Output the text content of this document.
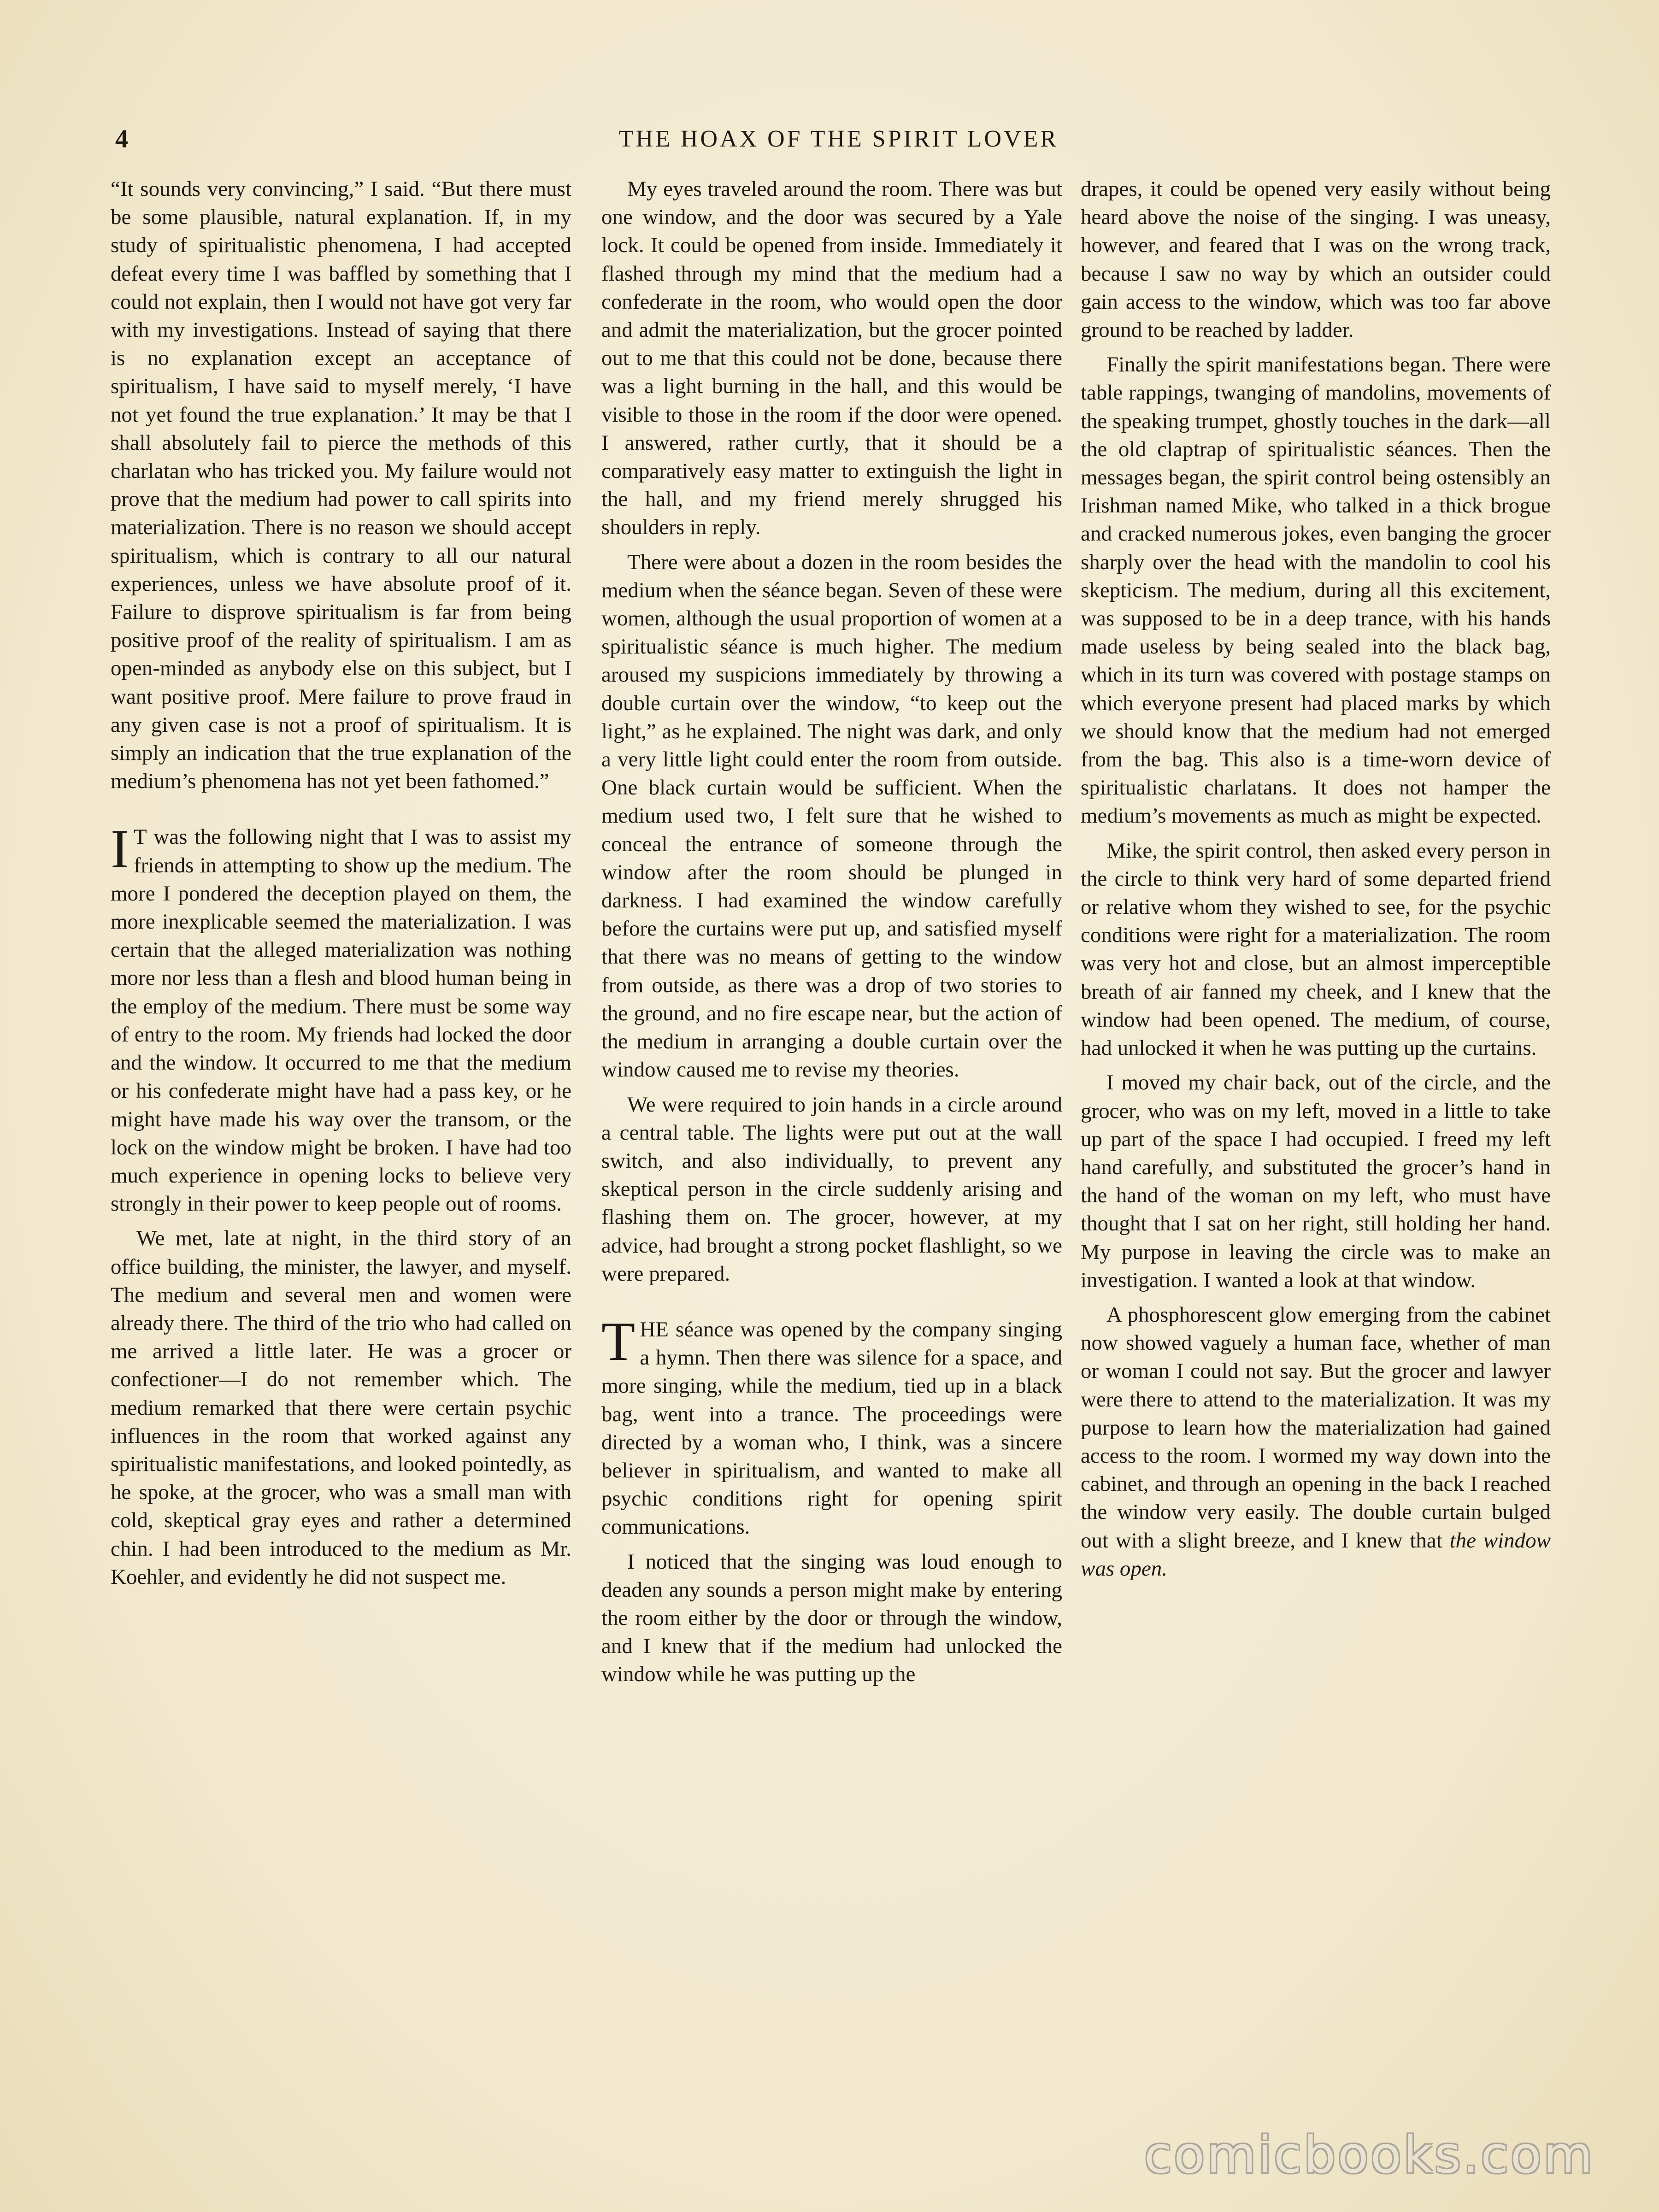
4	THE HOAX OF THE SPIRIT LOVER

“It sounds very convincing,” I said. “But there must be some plausible, natural explanation. If, in my study of spiritualistic phenomena, I had accepted defeat every time I was baffled by something that I could not explain, then I would not have got very far with my investigations. Instead of saying that there is no explanation except an acceptance of spiritualism, I have said to myself merely, ‘I have not yet found the true explanation.’ It may be that I shall absolutely fail to pierce the methods of this charlatan who has tricked you. My failure would not prove that the medium had power to call spirits into materialization. There is no reason we should accept spiritualism, which is contrary to all our natural experiences, unless we have absolute proof of it. Failure to disprove spiritualism is far from being positive proof of the reality of spiritualism. I am as open-minded as anybody else on this subject, but I want positive proof. Mere failure to prove fraud in any given case is not a proof of spiritualism. It is simply an indication that the true explanation of the medium’s phenomena has not yet been fathomed.”

I T was the following night that I was to assist my friends in attempting to show up the medium. The more I pondered the deception played on them, the more inexplicable seemed the materialization. I was certain that the alleged materialization was nothing more nor less than a flesh and blood human being in the employ of the medium. There must be some way of entry to the room. My friends had locked the door and the window. It occurred to me that the medium or his confederate might have had a pass key, or he might have made his way over the transom, or the lock on the window might be broken. I have had too much experience in opening locks to believe very strongly in their power to keep people out of rooms.

We met, late at night, in the third story of an office building, the minister, the lawyer, and myself. The medium and several men and women were already there. The third of the trio who had called on me arrived a little later. He was a grocer or confectioner—I do not remember which. The medium remarked that there were certain psychic influences in the room that worked against any spiritualistic manifestations, and looked pointedly, as he spoke, at the grocer, who was a small man with cold, skeptical gray eyes and rather a determined chin. I had been introduced to the medium as Mr. Koehler, and evidently he did not suspect me.

My eyes traveled around the room. There was but one window, and the door was secured by a Yale lock. It could be opened from inside. Immediately it flashed through my mind that the medium had a confederate in the room, who would open the door and admit the materialization, but the grocer pointed out to me that this could not be done, because there was a light burning in the hall, and this would be visible to those in the room if the door were opened. I answered, rather curtly, that it should be a comparatively easy matter to extinguish the light in the hall, and my friend merely shrugged his shoulders in reply.

There were about a dozen in the room besides the medium when the séance began. Seven of these were women, although the usual proportion of women at a spiritualistic séance is much higher. The medium aroused my suspicions immediately by throwing a double curtain over the window, “to keep out the light,” as he explained. The night was dark, and only a very little light could enter the room from outside. One black curtain would be sufficient. When the medium used two, I felt sure that he wished to conceal the entrance of someone through the window after the room should be plunged in darkness. I had examined the window carefully before the curtains were put up, and satisfied myself that there was no means of getting to the window from outside, as there was a drop of two stories to the ground, and no fire escape near, but the action of the medium in arranging a double curtain over the window caused me to revise my theories.

We were required to join hands in a circle around a central table. The lights were put out at the wall switch, and also individually, to prevent any skeptical person in the circle suddenly arising and flashing them on. The grocer, however, at my advice, had brought a strong pocket flashlight, so we were prepared.

THE séance was opened by the company singing a hymn. Then there was silence for a space, and more singing, while the medium, tied up in a black bag, went into a trance. The proceedings were directed by a woman who, I think, was a sincere believer in spiritualism, and wanted to make all psychic conditions right for opening spirit communications.

I noticed that the singing was loud enough to deaden any sounds a person might make by entering the room either by the door or through the window, and I knew that if the medium had unlocked the window while he was putting up the

drapes, it could be opened very easily without being heard above the noise of the singing. I was uneasy, however, and feared that I was on the wrong track, because I saw no way by which an outsider could gain access to the window, which was too far above ground to be reached by ladder.

Finally the spirit manifestations began. There were table rappings, twanging of mandolins, movements of the speaking trumpet, ghostly touches in the dark—all the old claptrap of spiritualistic séances. Then the messages began, the spirit control being ostensibly an Irishman named Mike, who talked in a thick brogue and cracked numerous jokes, even banging the grocer sharply over the head with the mandolin to cool his skepticism. The medium, during all this excitement, was supposed to be in a deep trance, with his hands made useless by being sealed into the black bag, which in its turn was covered with postage stamps on which everyone present had placed marks by which we should know that the medium had not emerged from the bag. This also is a time-worn device of spiritualistic charlatans. It does not hamper the medium’s movements as much as might be expected.

Mike, the spirit control, then asked every person in the circle to think very hard of some departed friend or relative whom they wished to see, for the psychic conditions were right for a materialization. The room was very hot and close, but an almost imperceptible breath of air fanned my cheek, and I knew that the window had been opened. The medium, of course, had unlocked it when he was putting up the curtains.

I moved my chair back, out of the circle, and the grocer, who was on my left, moved in a little to take up part of the space I had occupied. I freed my left hand carefully, and substituted the grocer’s hand in the hand of the woman on my left, who must have thought that I sat on her right, still holding her hand. My purpose in leaving the circle was to make an investigation. I wanted a look at that window.

A phosphorescent glow emerging from the cabinet now showed vaguely a human face, whether of man or woman I could not say. But the grocer and lawyer were there to attend to the materialization. It was my purpose to learn how the materialization had gained access to the room. I wormed my way down into the cabinet, and through an opening in the back I reached the window very easily. The double curtain bulged out with a slight breeze, and I knew that the window was open.

comicbooks.com
